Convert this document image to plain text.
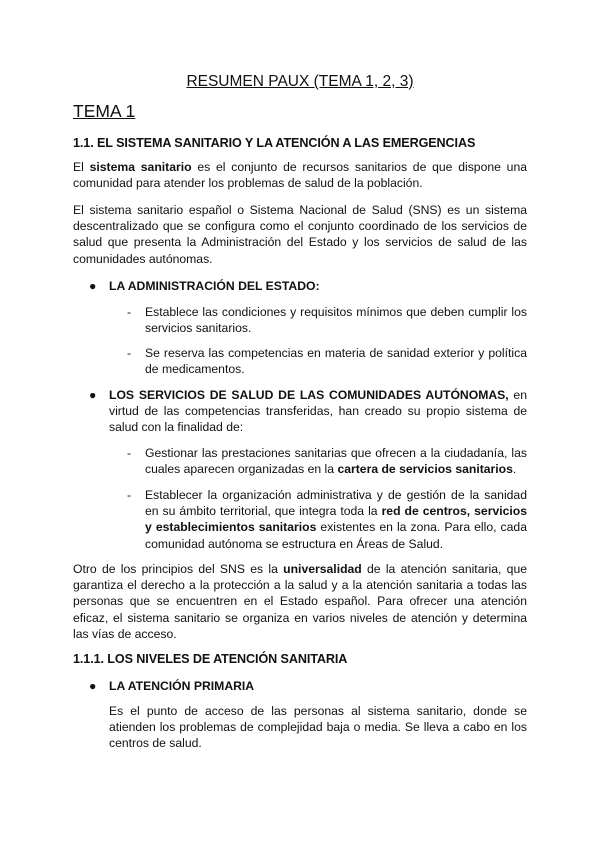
RESUMEN PAUX (TEMA 1, 2, 3)
TEMA 1
1.1. EL SISTEMA SANITARIO Y LA ATENCIÓN A LAS EMERGENCIAS
El sistema sanitario es el conjunto de recursos sanitarios de que dispone una comunidad para atender los problemas de salud de la población.
El sistema sanitario español o Sistema Nacional de Salud (SNS) es un sistema descentralizado que se configura como el conjunto coordinado de los servicios de salud que presenta la Administración del Estado y los servicios de salud de las comunidades autónomas.
● LA ADMINISTRACIÓN DEL ESTADO:
- Establece las condiciones y requisitos mínimos que deben cumplir los servicios sanitarios.
- Se reserva las competencias en materia de sanidad exterior y política de medicamentos.
● LOS SERVICIOS DE SALUD DE LAS COMUNIDADES AUTÓNOMAS, en virtud de las competencias transferidas, han creado su propio sistema de salud con la finalidad de:
- Gestionar las prestaciones sanitarias que ofrecen a la ciudadanía, las cuales aparecen organizadas en la cartera de servicios sanitarios.
- Establecer la organización administrativa y de gestión de la sanidad en su ámbito territorial, que integra toda la red de centros, servicios y establecimientos sanitarios existentes en la zona. Para ello, cada comunidad autónoma se estructura en Áreas de Salud.
Otro de los principios del SNS es la universalidad de la atención sanitaria, que garantiza el derecho a la protección a la salud y a la atención sanitaria a todas las personas que se encuentren en el Estado español. Para ofrecer una atención eficaz, el sistema sanitario se organiza en varios niveles de atención y determina las vías de acceso.
1.1.1. LOS NIVELES DE ATENCIÓN SANITARIA
● LA ATENCIÓN PRIMARIA
Es el punto de acceso de las personas al sistema sanitario, donde se atienden los problemas de complejidad baja o media. Se lleva a cabo en los centros de salud.
